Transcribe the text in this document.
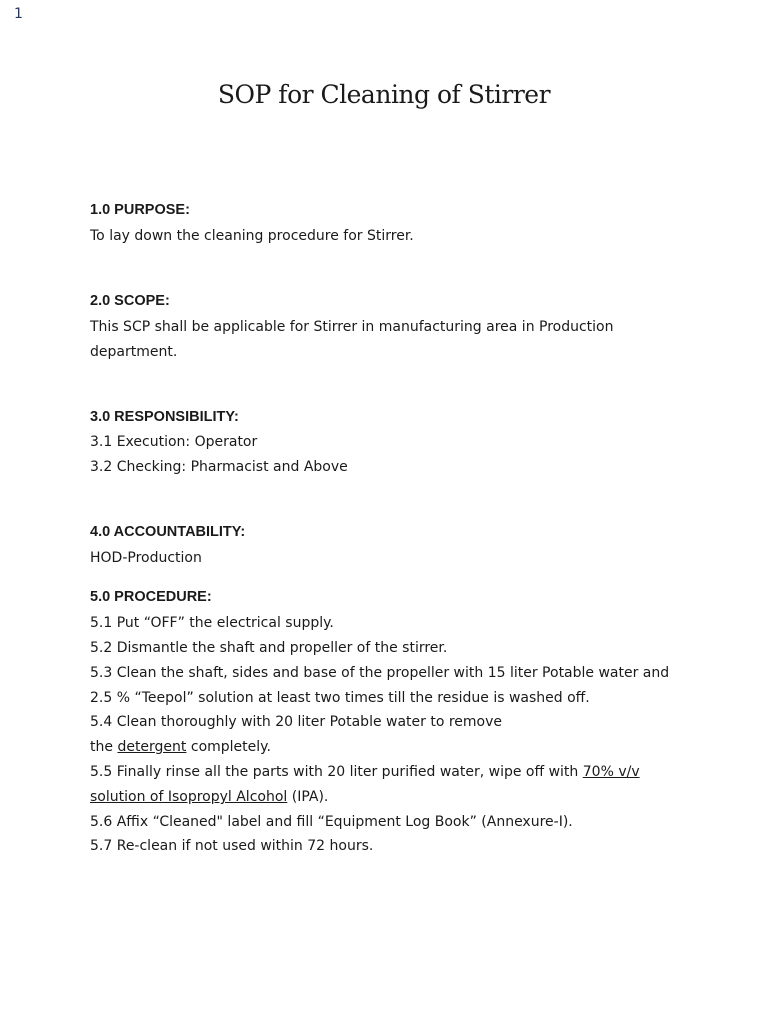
1
SOP for Cleaning of Stirrer
1.0 PURPOSE:
To lay down the cleaning procedure for Stirrer.
2.0 SCOPE:
This SCP shall be applicable for Stirrer in manufacturing area in Production
department.
3.0 RESPONSIBILITY:
3.1 Execution: Operator
3.2 Checking: Pharmacist and Above
4.0 ACCOUNTABILITY:
HOD-Production
5.0 PROCEDURE:
5.1 Put “OFF” the electrical supply.
5.2 Dismantle the shaft and propeller of the stirrer.
5.3 Clean the shaft, sides and base of the propeller with 15 liter Potable water and
2.5 % “Teepol” solution at least two times till the residue is washed off.
5.4 Clean thoroughly with 20 liter Potable water to remove
the detergent completely.
5.5 Finally rinse all the parts with 20 liter purified water, wipe off with 70% v/v
solution of Isopropyl Alcohol (IPA).
5.6 Affix “Cleaned" label and fill “Equipment Log Book” (Annexure-I).
5.7 Re-clean if not used within 72 hours.
